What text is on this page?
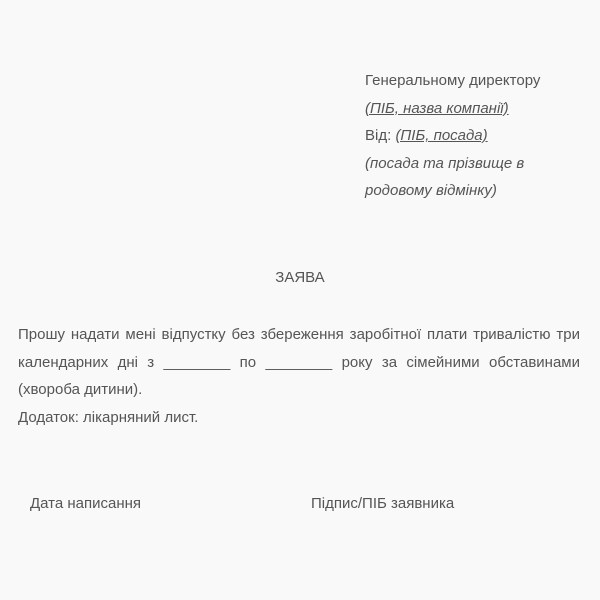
Генеральному директору
(ПІБ, назва компанії)
Від: (ПІБ, посада)
(посада та прізвище в
родовому відмінку)
ЗАЯВА

Прошу надати мені відпустку без збереження заробітної плати тривалістю три календарних дні з ________ по ________ року за сімейними обставинами (хвороба дитини).

Додаток: лікарняний лист.

Дата написання	Підпис/ПІБ заявника
